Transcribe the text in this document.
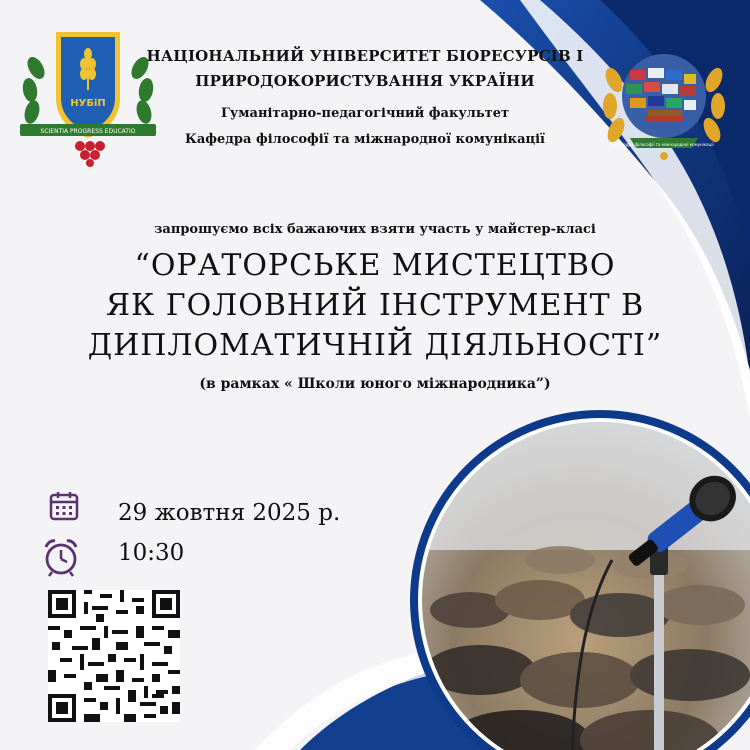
НУБіП
SCIENTIA PROGRESS EDUCATIO
Кафедра філософії та міжнародної комунікації
НАЦІОНАЛЬНИЙ УНІВЕРСИТЕТ БІОРЕСУРСІВ І
ПРИРОДОКОРИСТУВАННЯ УКРАЇНИ
Гуманітарно-педагогічний факультет
Кафедра філософії та міжнародної комунікації
запрошуємо всіх бажаючих взяти участь у майстер-класі
“ОРАТОРСЬКЕ МИСТЕЦТВО
ЯК ГОЛОВНИЙ ІНСТРУМЕНТ В
ДИПЛОМАТИЧНІЙ ДІЯЛЬНОСТІ”
(в рамках « Школи юного міжнародника”)
29 жовтня 2025 р.
10:30
